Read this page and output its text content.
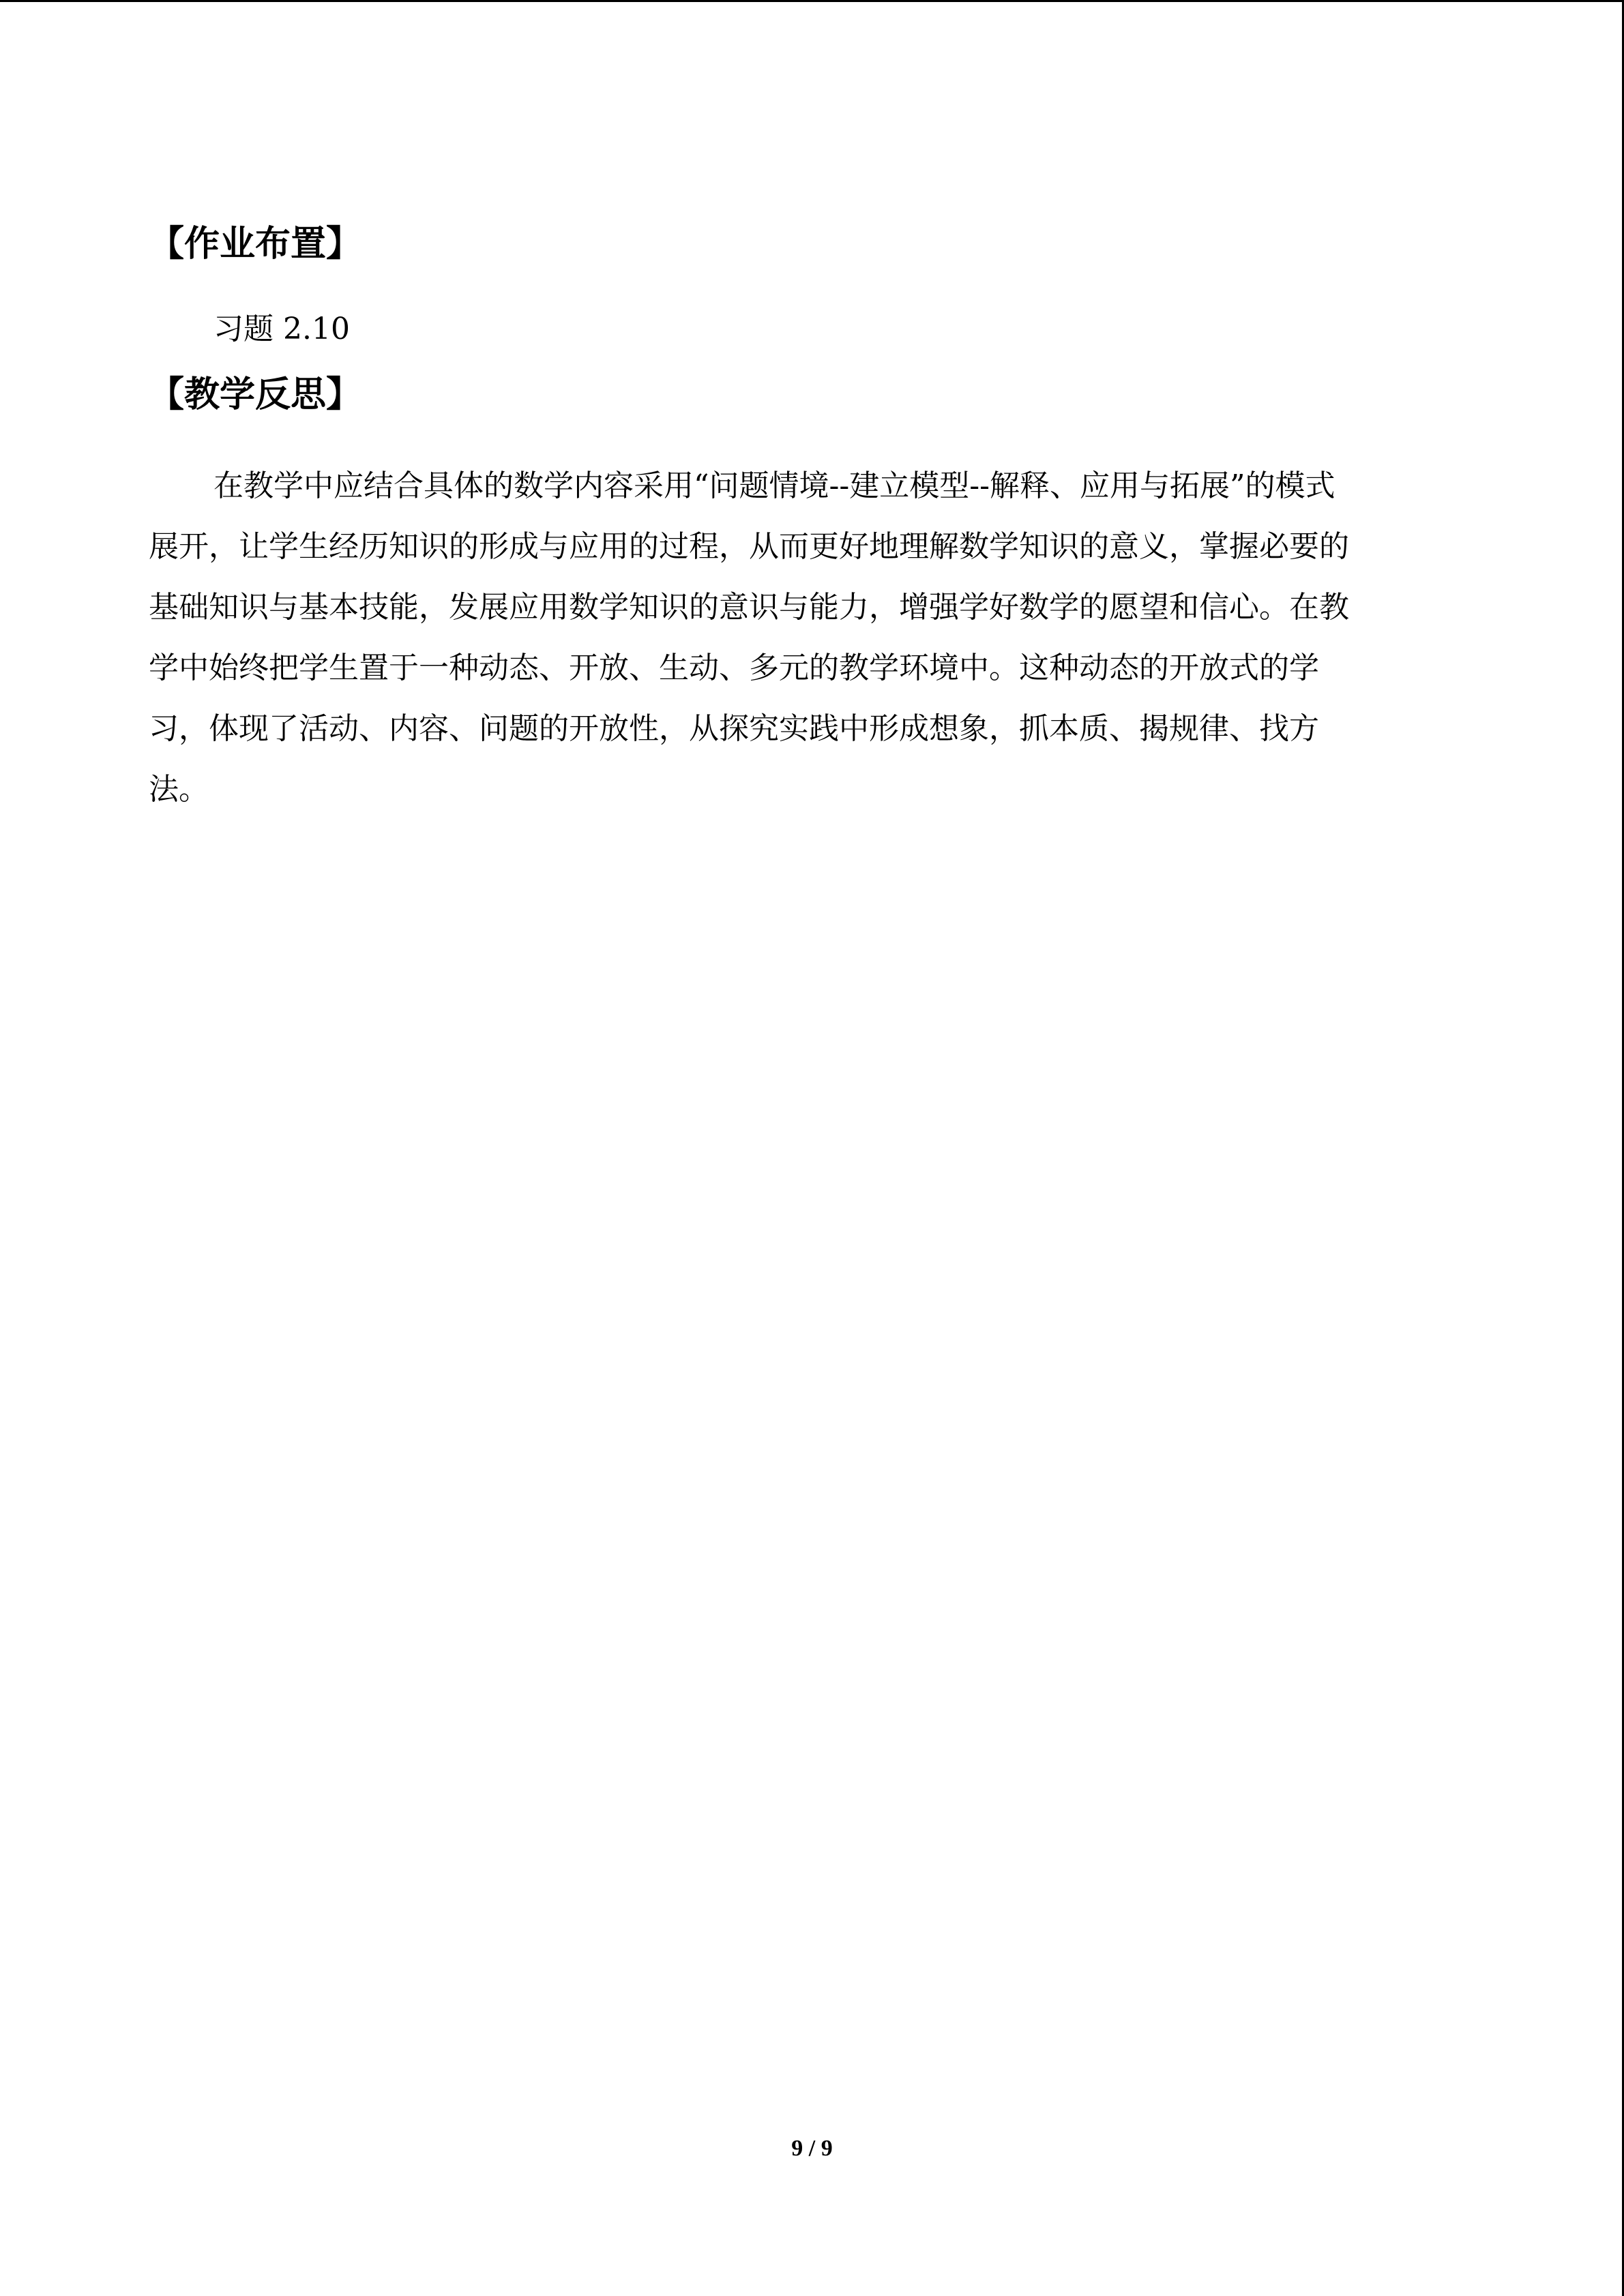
【作业布置】

习题 2.10

【教学反思】
在教学中应结合具体的数学内容采用“问题情境--建立模型--解释、应用与拓展”的模式
展开，让学生经历知识的形成与应用的过程，从而更好地理解数学知识的意义，掌握必要的
基础知识与基本技能，发展应用数学知识的意识与能力，增强学好数学的愿望和信心。在教
学中始终把学生置于一种动态、开放、生动、多元的教学环境中。这种动态的开放式的学
习，体现了活动、内容、问题的开放性，从探究实践中形成想象，抓本质、揭规律、找方
法。
9 / 9
